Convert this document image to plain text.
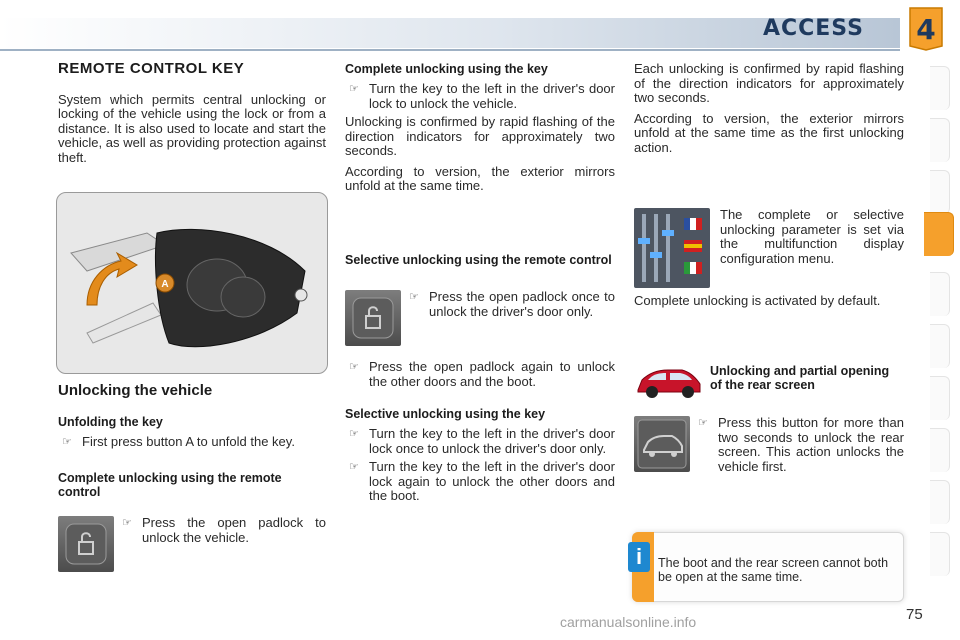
ACCESS 4
REMOTE CONTROL KEY

System which permits central unlocking or locking of the vehicle using the lock or from a distance. It is also used to locate and start the vehicle, as well as providing protection against theft.

A
Unlocking the vehicle
Unfolding the key
☞ First press button A to unfold the key.
Complete unlocking using the remote control
☞ Press the open padlock to unlock the vehicle.
Complete unlocking using the key
☞ Turn the key to the left in the driver's door lock to unlock the vehicle.

Unlocking is confirmed by rapid flashing of the direction indicators for approximately two seconds.

According to version, the exterior mirrors unfold at the same time.

Selective unlocking using the remote control
☞ Press the open padlock once to unlock the driver's door only.
☞ Press the open padlock again to unlock the other doors and the boot.
Selective unlocking using the key
☞ Turn the key to the left in the driver's door lock once to unlock the driver's door only.
☞ Turn the key to the left in the driver's door lock again to unlock the other doors and the boot.

Each unlocking is confirmed by rapid flashing of the direction indicators for approximately two seconds.

According to version, the exterior mirrors unfold at the same time as the first unlocking action.

The complete or selective unlocking parameter is set via the multifunction display configuration menu.

Complete unlocking is activated by default.

Unlocking and partial opening of the rear screen
☞ Press this button for more than two seconds to unlock the rear screen. This action unlocks the vehicle first.
i	The boot and the rear screen cannot both be open at the same time.
carmanualsonline.info	75
